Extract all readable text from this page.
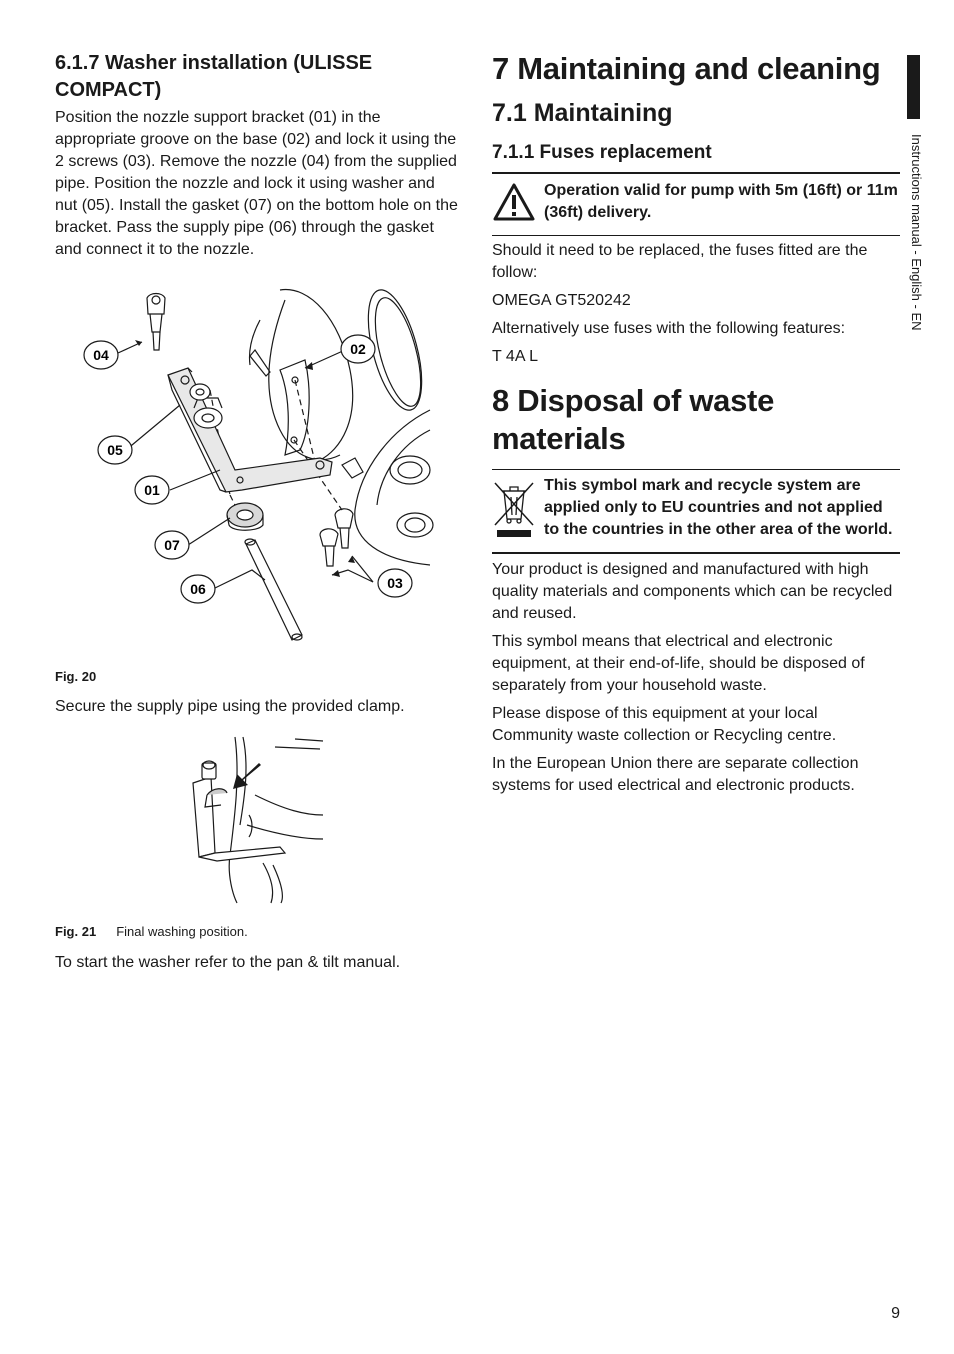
6.1.7 Washer installation (ULISSE COMPACT)

Position the nozzle support bracket (01) in the appropriate groove on the base (02) and lock it using the 2 screws (03). Remove the nozzle (04) from the supplied pipe. Position the nozzle and lock it using washer and nut (05). Install the gasket (07) on the bottom hole on the bracket. Pass the supply pipe (06) through the gasket and connect it to the nozzle.

04	02
05
01
07
06	03
Fig. 20

Secure the supply pipe using the provided clamp.

Fig. 21 Final washing position.

To start the washer refer to the pan & tilt manual.

7 Maintaining and cleaning
7.1 Maintaining
7.1.1 Fuses replacement
Operation valid for pump with 5m (16ft) or 11m (36ft) delivery.

Should it need to be replaced, the fuses fitted are the follow:

OMEGA GT520242

Alternatively use fuses with the following features:

T 4A L

8 Disposal of waste materials
This symbol mark and recycle system are applied only to EU countries and not applied to the countries in the other area of the world.

Your product is designed and manufactured with high quality materials and components which can be recycled and reused.

This symbol means that electrical and electronic equipment, at their end-of-life, should be disposed of separately from your household waste.

Please dispose of this equipment at your local Community waste collection or Recycling centre.

In the European Union there are separate collection systems for used electrical and electronic products.

Instructions manual - English - EN
9
